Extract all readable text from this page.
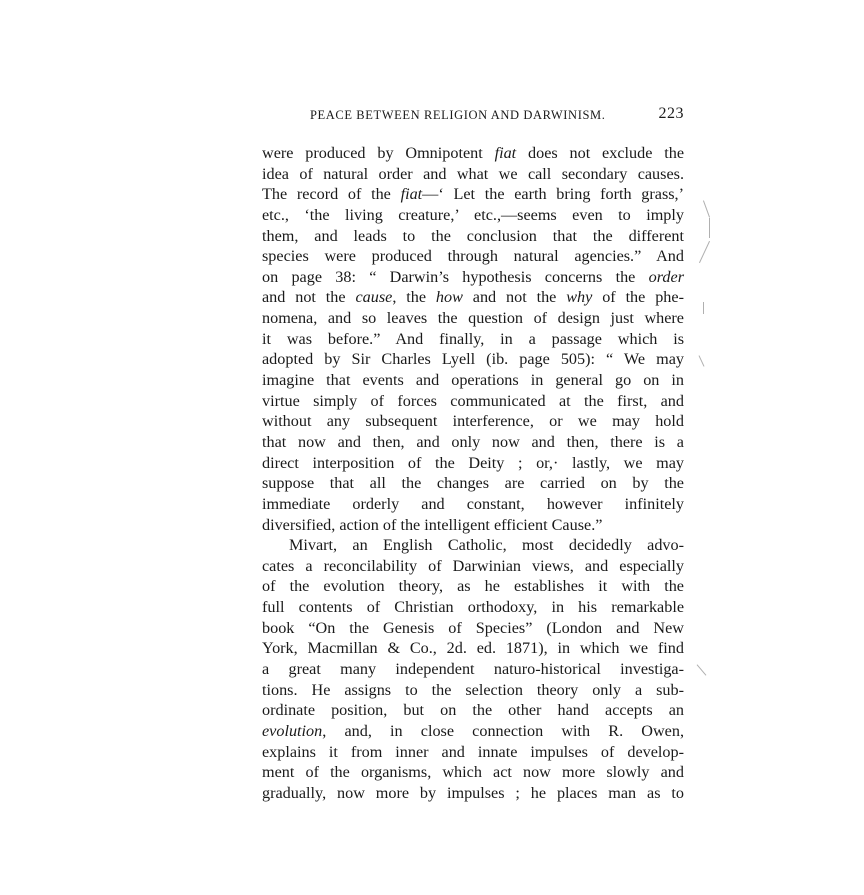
PEACE BETWEEN RELIGION AND DARWINISM.	223
were produced by Omnipotent fiat does not exclude the
idea of natural order and what we call secondary causes.
The record of the fiat—‘ Let the earth bring forth grass,’
etc., ‘the living creature,’ etc.,—seems even to imply
them, and leads to the conclusion that the different
species were produced through natural agencies.” And
on page 38: “ Darwin’s hypothesis concerns the order
and not the cause, the how and not the why of the phe-
nomena, and so leaves the question of design just where
it was before.” And finally, in a passage which is
adopted by Sir Charles Lyell (ib. page 505): “ We may
imagine that events and operations in general go on in
virtue simply of forces communicated at the first, and
without any subsequent interference, or we may hold
that now and then, and only now and then, there is a
direct interposition of the Deity ; or,· lastly, we may
suppose that all the changes are carried on by the
immediate orderly and constant, however infinitely
diversified, action of the intelligent efficient Cause.”
Mivart, an English Catholic, most decidedly advo-
cates a reconcilability of Darwinian views, and especially
of the evolution theory, as he establishes it with the
full contents of Christian orthodoxy, in his remarkable
book “On the Genesis of Species” (London and New
York, Macmillan & Co., 2d. ed. 1871), in which we find
a great many independent naturo-historical investiga-
tions. He assigns to the selection theory only a sub-
ordinate position, but on the other hand accepts an
evolution, and, in close connection with R. Owen,
explains it from inner and innate impulses of develop-
ment of the organisms, which act now more slowly and
gradually, now more by impulses ; he places man as to
